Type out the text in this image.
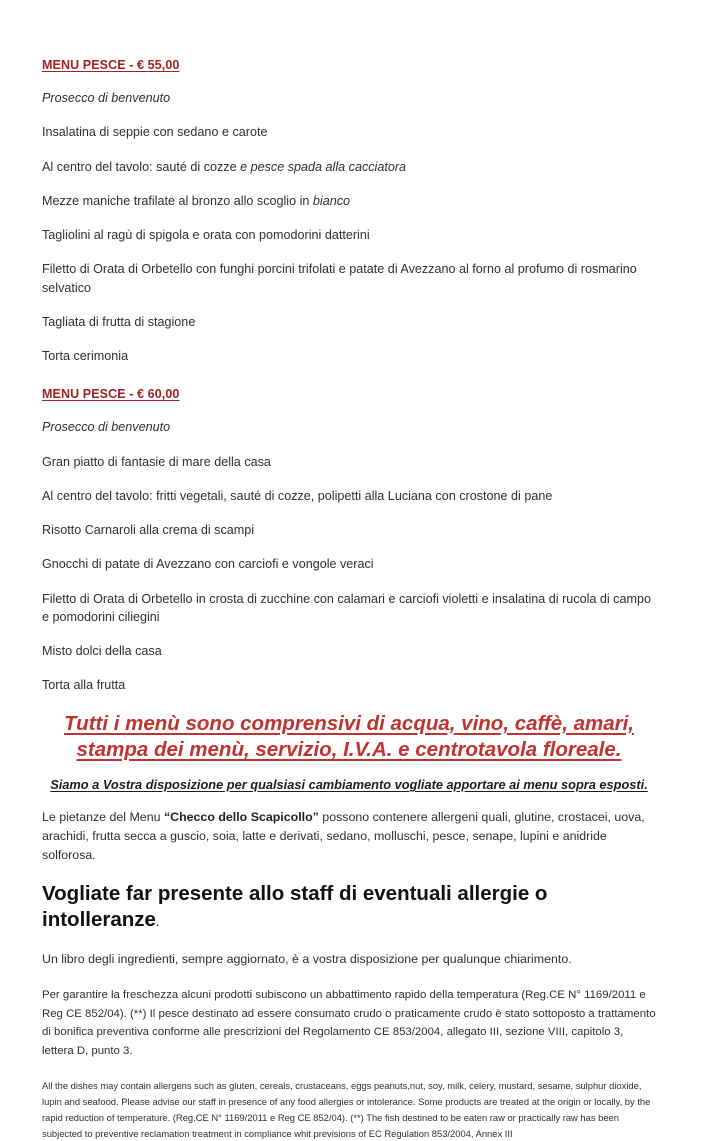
MENU PESCE - € 55,00

Prosecco di benvenuto

Insalatina di seppie con sedano e carote

Al centro del tavolo: sauté di cozze e pesce spada alla cacciatora

Mezze maniche trafilate al bronzo allo scoglio in bianco

Tagliolini al ragù di spigola e orata con pomodorini datterini

Filetto di Orata di Orbetello con funghi porcini trifolati e patate di Avezzano al forno al profumo di rosmarino selvatico

Tagliata di frutta di stagione

Torta cerimonia

MENU PESCE - € 60,00

Prosecco di benvenuto

Gran piatto di fantasie di mare della casa

Al centro del tavolo: fritti vegetali, sauté di cozze, polipetti alla Luciana con crostone di pane

Risotto Carnaroli alla crema di scampi

Gnocchi di patate di Avezzano con carciofi e vongole veraci

Filetto di Orata di Orbetello in crosta di zucchine con calamari e carciofi violetti e insalatina di rucola di campo e pomodorini ciliegini

Misto dolci della casa

Torta alla frutta

Tutti i menù sono comprensivi di acqua, vino, caffè, amari, stampa dei menù, servizio, I.V.A. e centrotavola floreale.

Siamo a Vostra disposizione per qualsiasi cambiamento vogliate apportare ai menu sopra esposti.

Le pietanze del Menu “Checco dello Scapicollo” possono contenere allergeni quali, glutine, crostacei, uova, arachidi, frutta secca a guscio, soia, latte e derivati, sedano, molluschi, pesce, senape, lupini e anidride solforosa.

Vogliate far presente allo staff di eventuali allergie o intolleranze.

Un libro degli ingredienti, sempre aggiornato, è a vostra disposizione per qualunque chiarimento.

Per garantire la freschezza alcuni prodotti subiscono un abbattimento rapido della temperatura (Reg.CE N° 1169/2011 e Reg CE 852/04). (**) Il pesce destinato ad essere consumato crudo o praticamente crudo è stato sottoposto a trattamento di bonifica preventiva conforme alle prescrizioni del Regolamento CE 853/2004, allegato III, sezione VIII, capitolo 3, lettera D, punto 3.

All the dishes may contain allergens such as gluten, cereals, crustaceans, eggs peanuts,nut, soy, milk, celery, mustard, sesame, sulphur dioxide, lupin and seafood. Please advise our staff in presence of any food allergies or intolerance. Some products are treated at the origin or locally, by the rapid reduction of temperature. (Reg.CE N° 1169/2011 e Reg CE 852/04). (**) The fish destined to be eaten raw or practically raw has been subjected to preventive reclamation treatment in compliance whit previsions of EC Regulation 853/2004, Annex III
